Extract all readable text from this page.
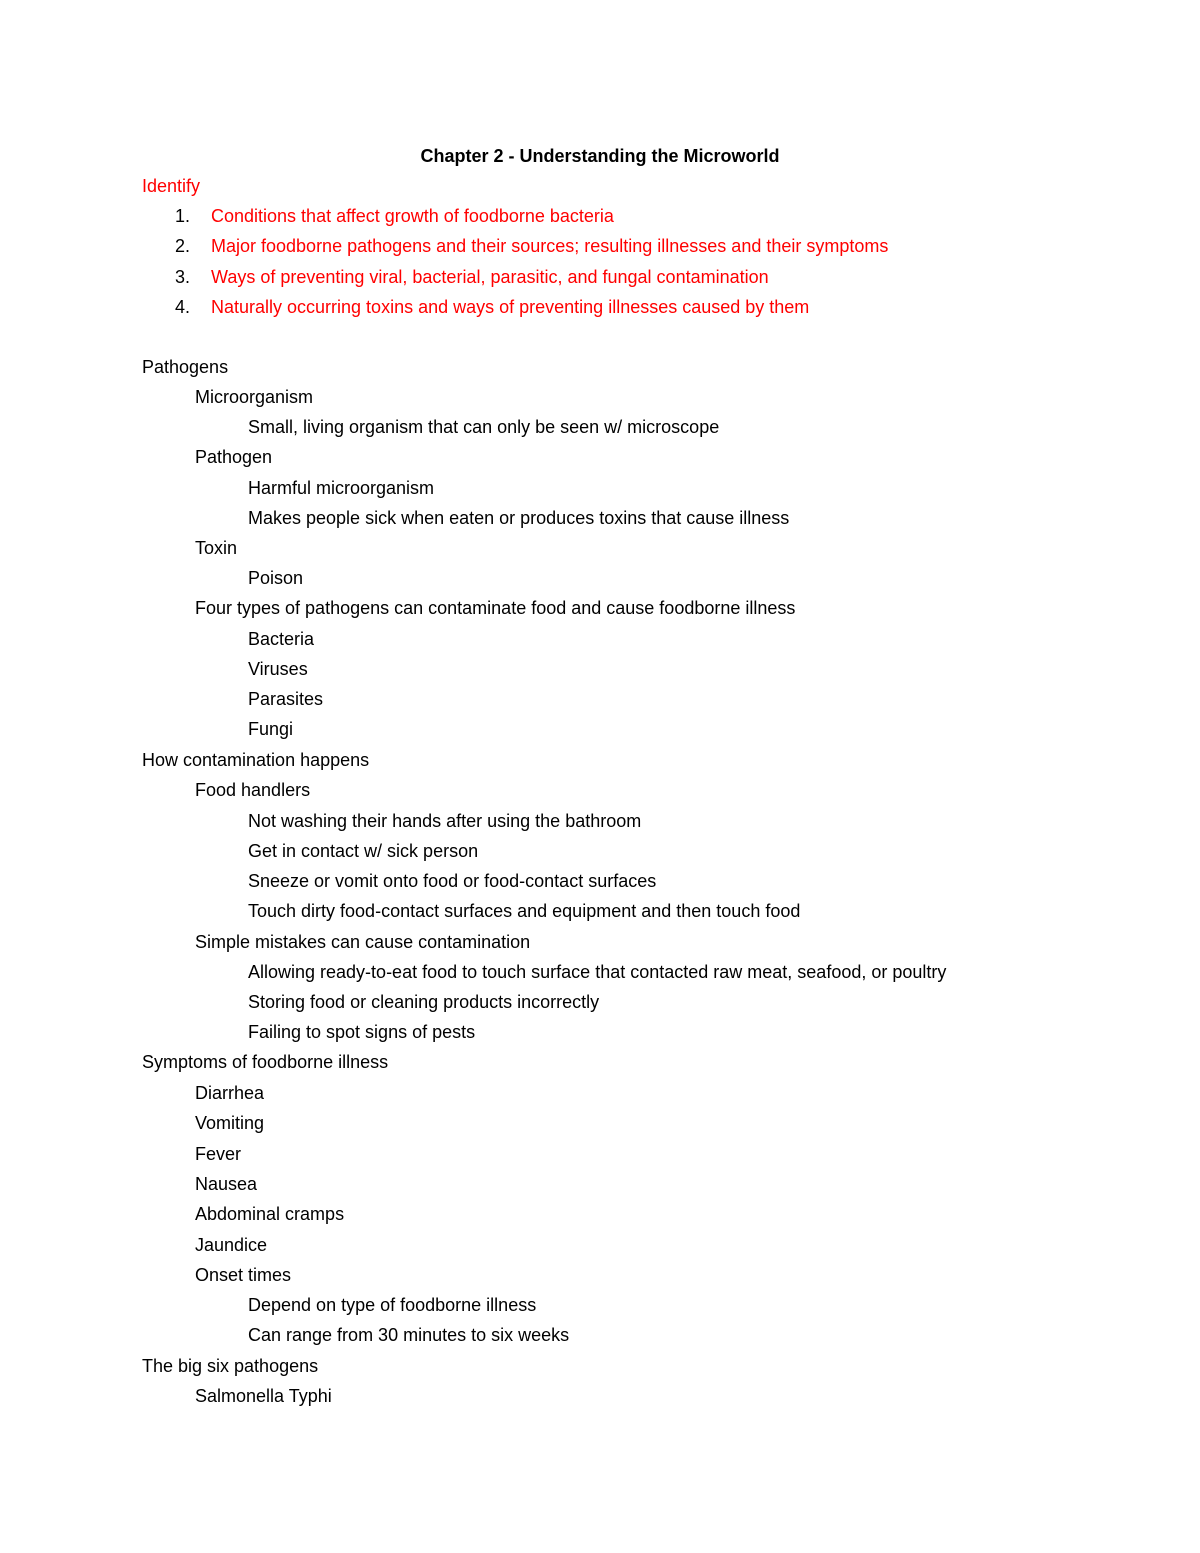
Chapter 2 - Understanding the Microworld
Identify
1. Conditions that affect growth of foodborne bacteria
2. Major foodborne pathogens and their sources; resulting illnesses and their symptoms
3. Ways of preventing viral, bacterial, parasitic, and fungal contamination
4. Naturally occurring toxins and ways of preventing illnesses caused by them
Pathogens
Microorganism
Small, living organism that can only be seen w/ microscope
Pathogen
Harmful microorganism
Makes people sick when eaten or produces toxins that cause illness
Toxin
Poison
Four types of pathogens can contaminate food and cause foodborne illness
Bacteria
Viruses
Parasites
Fungi
How contamination happens
Food handlers
Not washing their hands after using the bathroom
Get in contact w/ sick person
Sneeze or vomit onto food or food-contact surfaces
Touch dirty food-contact surfaces and equipment and then touch food
Simple mistakes can cause contamination
Allowing ready-to-eat food to touch surface that contacted raw meat, seafood, or poultry
Storing food or cleaning products incorrectly
Failing to spot signs of pests
Symptoms of foodborne illness
Diarrhea
Vomiting
Fever
Nausea
Abdominal cramps
Jaundice
Onset times
Depend on type of foodborne illness
Can range from 30 minutes to six weeks
The big six pathogens
Salmonella Typhi
